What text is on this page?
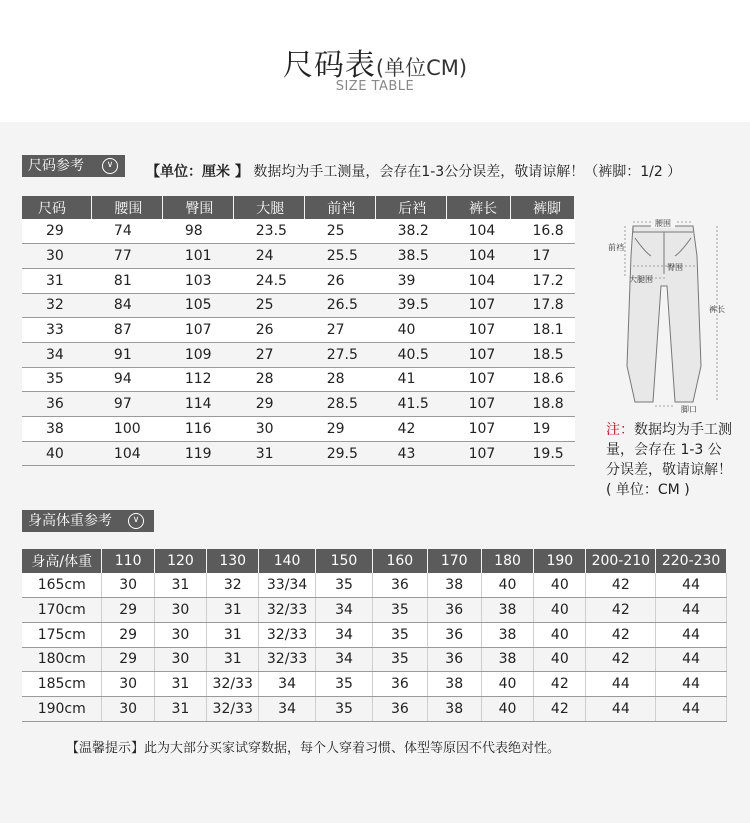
尺码表(单位CM)
SIZE TABLE
尺码参考	∨	【单位：厘米 】 数据均为手工测量，会存在1-3公分误差，敬请谅解！（裤脚：1/2 ）
尺码	腰围	臀围	大腿	前裆	后裆	裤长	裤脚
29	74	98	23.5	25	38.2	104	16.8
30	77	101	24	25.5	38.5	104	17
31	81	103	24.5	26	39	104	17.2
32	84	105	25	26.5	39.5	107	17.8
33	87	107	26	27	40	107	18.1
34	91	109	27	27.5	40.5	107	18.5
35	94	112	28	28	41	107	18.6
36	97	114	29	28.5	41.5	107	18.8
38	100	116	30	29	42	107	19
40	104	119	31	29.5	43	107	19.5
腰围
前裆
臀围
大腿围
裤长
脚口
注：数据均为手工测量，会存在 1-3 公分误差，敬请谅解！( 单位：CM )
身高体重参考	∨
身高/体重	110	120	130	140	150	160	170	180	190	200-210	220-230
165cm	30	31	32	33/34	35	36	38	40	40	42	44
170cm	29	30	31	32/33	34	35	36	38	40	42	44
175cm	29	30	31	32/33	34	35	36	38	40	42	44
180cm	29	30	31	32/33	34	35	36	38	40	42	44
185cm	30	31	32/33	34	35	36	38	40	42	44	44
190cm	30	31	32/33	34	35	36	38	40	42	44	44
【温馨提示】此为大部分买家试穿数据，每个人穿着习惯、体型等原因不代表绝对性。
